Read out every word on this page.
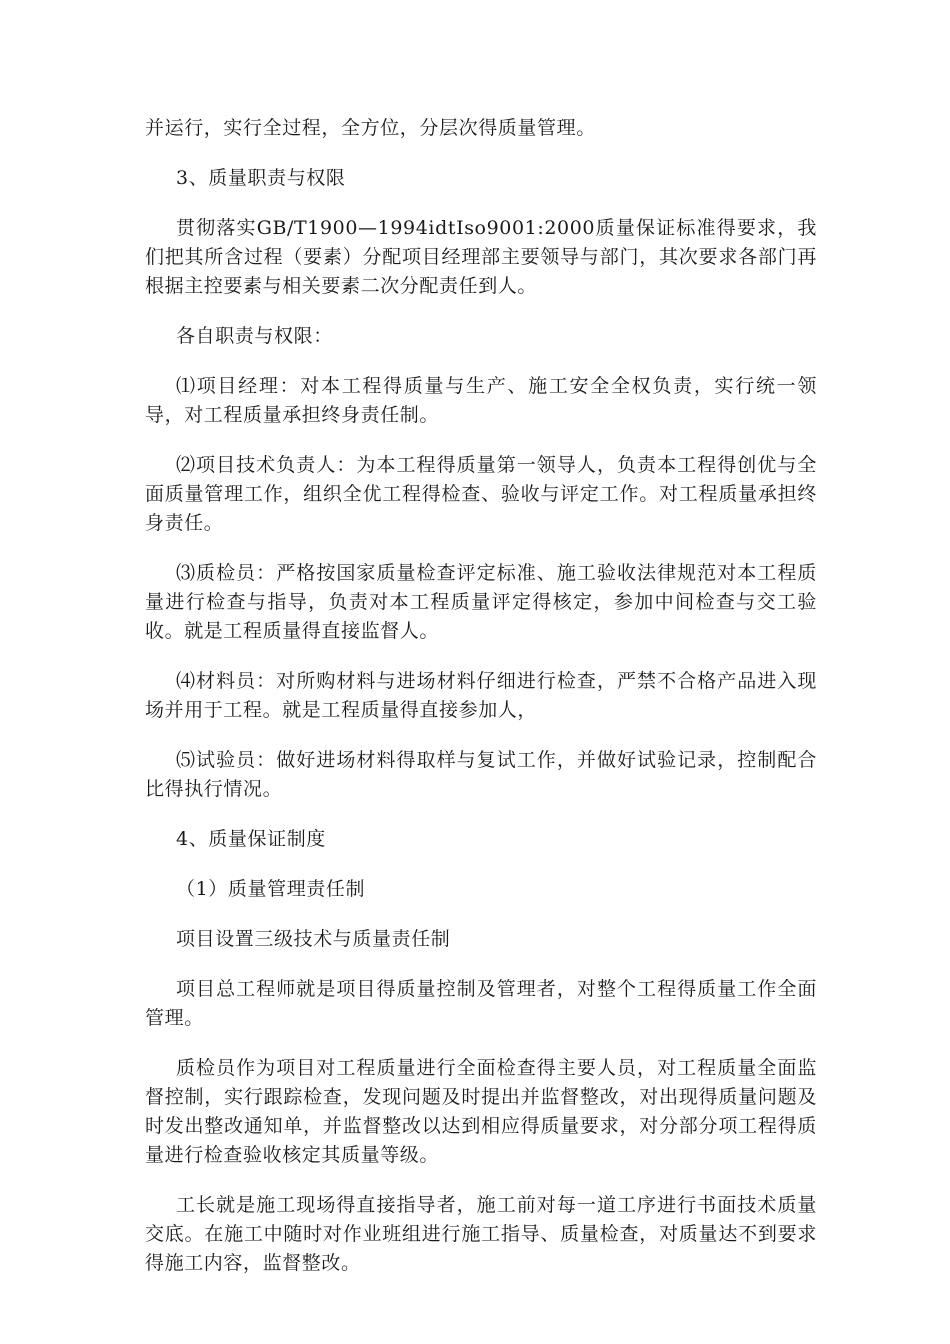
并运行，实行全过程，全方位，分层次得质量管理。

3、质量职责与权限

贯彻落实GB/T1900—1994idtIso9001:2000质量保证标准得要求，我们把其所含过程（要素）分配项目经理部主要领导与部门，其次要求各部门再根据主控要素与相关要素二次分配责任到人。

各自职责与权限：

⑴项目经理：对本工程得质量与生产、施工安全全权负责，实行统一领导，对工程质量承担终身责任制。

⑵项目技术负责人：为本工程得质量第一领导人，负责本工程得创优与全面质量管理工作，组织全优工程得检查、验收与评定工作。对工程质量承担终身责任。

⑶质检员：严格按国家质量检查评定标准、施工验收法律规范对本工程质量进行检查与指导，负责对本工程质量评定得核定，参加中间检查与交工验收。就是工程质量得直接监督人。

⑷材料员：对所购材料与进场材料仔细进行检查，严禁不合格产品进入现场并用于工程。就是工程质量得直接参加人，

⑸试验员：做好进场材料得取样与复试工作，并做好试验记录，控制配合比得执行情况。

4、质量保证制度

（1）质量管理责任制

项目设置三级技术与质量责任制

项目总工程师就是项目得质量控制及管理者，对整个工程得质量工作全面管理。

质检员作为项目对工程质量进行全面检查得主要人员，对工程质量全面监督控制，实行跟踪检查，发现问题及时提出并监督整改，对出现得质量问题及时发出整改通知单，并监督整改以达到相应得质量要求，对分部分项工程得质量进行检查验收核定其质量等级。

工长就是施工现场得直接指导者，施工前对每一道工序进行书面技术质量交底。在施工中随时对作业班组进行施工指导、质量检查，对质量达不到要求得施工内容，监督整改。
